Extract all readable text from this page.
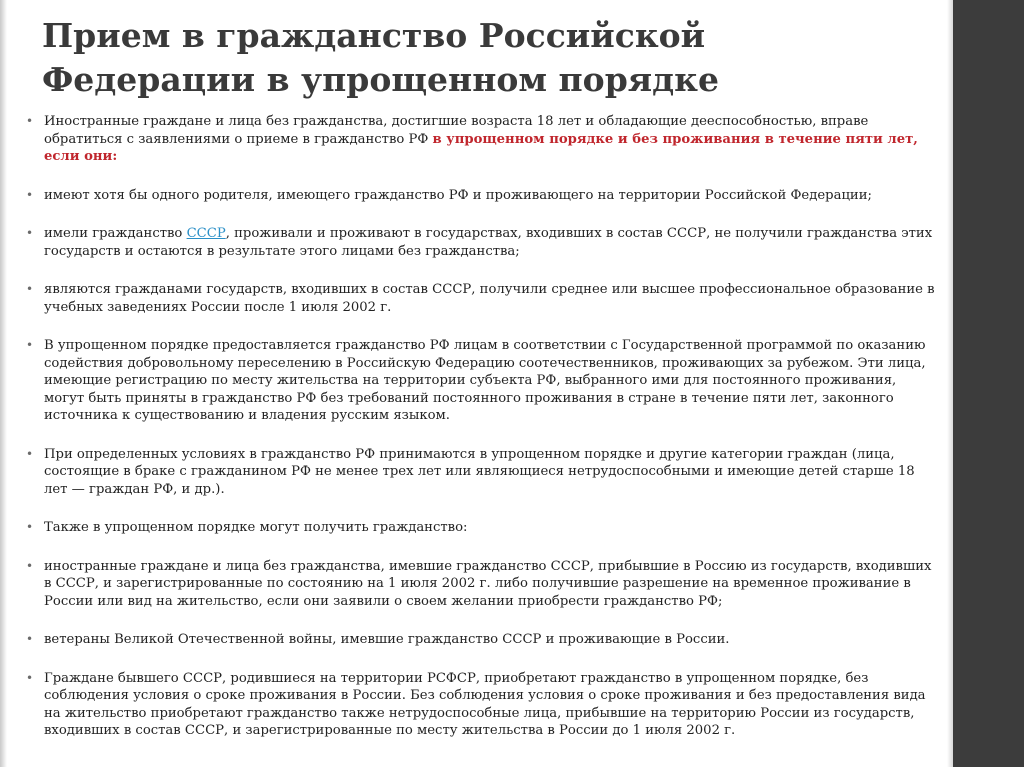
Прием в гражданство Российской
Федерации в упрощенном порядке
• Иностранные граждане и лица без гражданства, достигшие возраста 18 лет и обладающие дееспособностью, вправе обратиться с заявлениями о приеме в гражданство РФ в упрощенном порядке и без проживания в течение пяти лет, если они:
• имеют хотя бы одного родителя, имеющего гражданство РФ и проживающего на территории Российской Федерации;
• имели гражданство СССР, проживали и проживают в государствах, входивших в состав СССР, не получили гражданства этих государств и остаются в результате этого лицами без гражданства;
• являются гражданами государств, входивших в состав СССР, получили среднее или высшее профессиональное образование в учебных заведениях России после 1 июля 2002 г.
• В упрощенном порядке предоставляется гражданство РФ лицам в соответствии с Государственной программой по оказанию содействия добровольному переселению в Российскую Федерацию соотечественников, проживающих за рубежом. Эти лица, имеющие регистрацию по месту жительства на территории субъекта РФ, выбранного ими для постоянного проживания, могут быть приняты в гражданство РФ без требований постоянного проживания в стране в течение пяти лет, законного источника к существованию и владения русским языком.
• При определенных условиях в гражданство РФ принимаются в упрощенном порядке и другие категории граждан (лица, состоящие в браке с гражданином РФ не менее трех лет или являющиеся нетрудоспособными и имеющие детей старше 18 лет — граждан РФ, и др.).
• Также в упрощенном порядке могут получить гражданство:
• иностранные граждане и лица без гражданства, имевшие гражданство СССР, прибывшие в Россию из государств, входивших в СССР, и зарегистрированные по состоянию на 1 июля 2002 г. либо получившие разрешение на временное проживание в России или вид на жительство, если они заявили о своем желании приобрести гражданство РФ;
• ветераны Великой Отечественной войны, имевшие гражданство СССР и проживающие в России.
• Граждане бывшего СССР, родившиеся на территории РСФСР, приобретают гражданство в упрощенном порядке, без соблюдения условия о сроке проживания в России. Без соблюдения условия о сроке проживания и без предоставления вида на жительство приобретают гражданство также нетрудоспособные лица, прибывшие на территорию России из государств, входивших в состав СССР, и зарегистрированные по месту жительства в России до 1 июля 2002 г.
